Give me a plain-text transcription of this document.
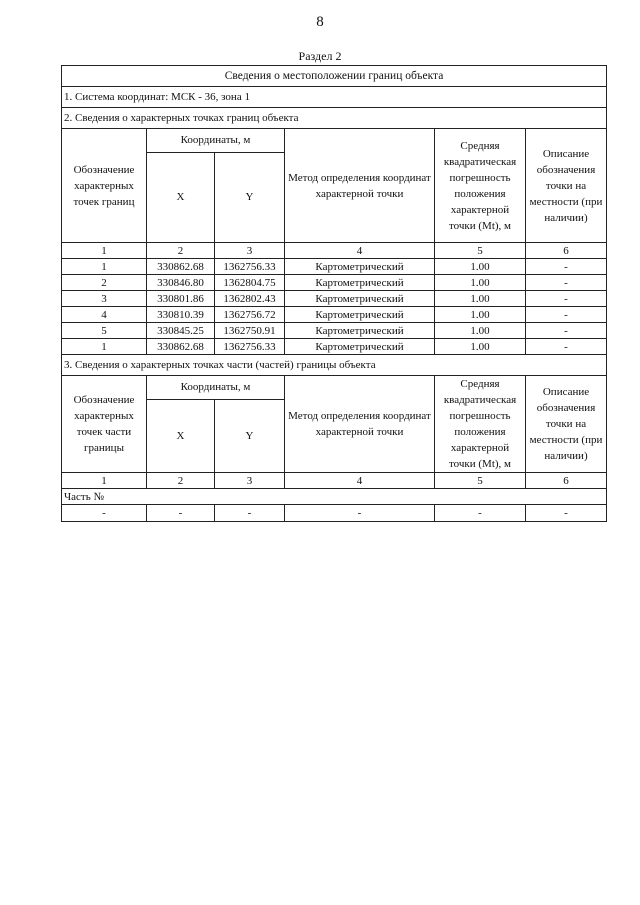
8
Раздел 2
Сведения о местоположении границ объекта					
1. Система координат: МСК - 36, зона 1					
2. Сведения о характерных точках границ объекта					
Обозначение характерных точек границ	Координаты, м		Метод определения координат характерной точки	Средняя квадратическая погрешность положения характерной точки (Mt), м	Описание обозначения точки на местности (при наличии)
	X	Y			
1	2	3	4	5	6
1	330862.68	1362756.33	Картометрический	1.00	-
2	330846.80	1362804.75	Картометрический	1.00	-
3	330801.86	1362802.43	Картометрический	1.00	-
4	330810.39	1362756.72	Картометрический	1.00	-
5	330845.25	1362750.91	Картометрический	1.00	-
1	330862.68	1362756.33	Картометрический	1.00	-
3. Сведения о характерных точках части (частей) границы объекта					
Обозначение характерных точек части границы	Координаты, м		Метод определения координат характерной точки	Средняя квадратическая погрешность положения характерной точки (Mt), м	Описание обозначения точки на местности (при наличии)
	X	Y			
1	2	3	4	5	6
Часть №					
-	-	-	-	-	-
